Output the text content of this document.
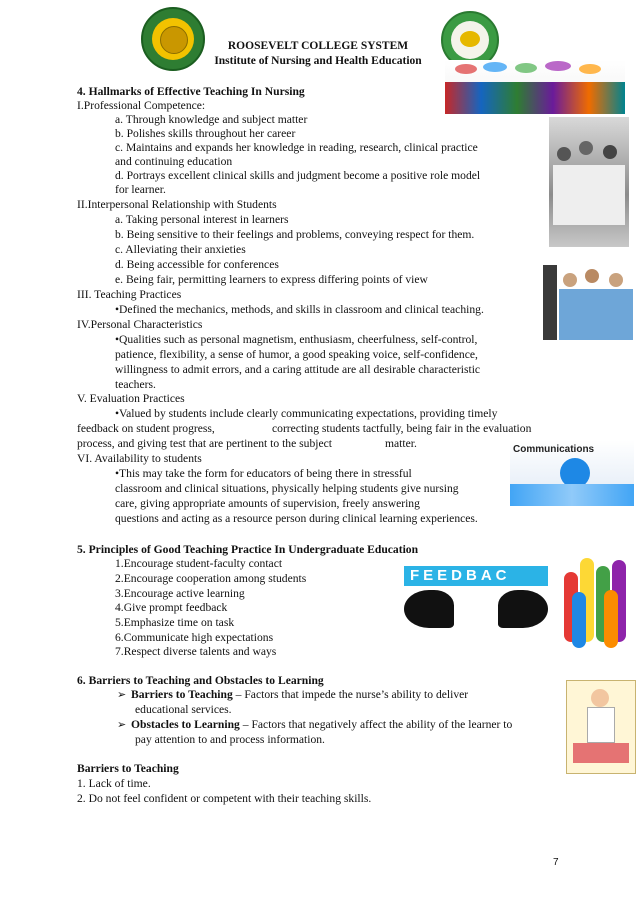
ROOSEVELT COLLEGE SYSTEM
Institute of Nursing and Health Education
4. Hallmarks of Effective Teaching In Nursing
I.Professional Competence:
a. Through knowledge and subject matter
b. Polishes skills throughout her career
c. Maintains and expands her knowledge in reading, research, clinical practice
and continuing education
d. Portrays excellent clinical skills and judgment become a positive role model
for learner.
II.Interpersonal Relationship with Students
a. Taking personal interest in learners
b. Being sensitive to their feelings and problems, conveying respect for them.
c. Alleviating their anxieties
d. Being accessible for conferences
e. Being fair, permitting learners to express differing points of view
III. Teaching Practices
•Defined the mechanics, methods, and skills in classroom and clinical teaching.
IV.Personal Characteristics
•Qualities such as personal magnetism, enthusiasm, cheerfulness, self-control,
patience, flexibility, a sense of humor, a good speaking voice, self-confidence,
willingness to admit errors, and a caring attitude are all desirable characteristic
teachers.
V. Evaluation Practices
•Valued by students include clearly communicating expectations, providing timely
feedback on student progress,	correcting students tactfully, being fair in the evaluation
process, and giving test that are pertinent to the subject	matter.
VI. Availability to students
•This may take the form for educators of being there in stressful
classroom and clinical situations, physically helping students give nursing
care, giving appropriate amounts of supervision, freely answering
questions and acting as a resource person during clinical learning experiences.
Communications
5. Principles of Good Teaching Practice In Undergraduate Education
1.Encourage student-faculty contact
2.Encourage cooperation among students
3.Encourage active learning
4.Give prompt feedback
5.Emphasize time on task
6.Communicate high expectations
7.Respect diverse talents and ways
FEEDBAC
6. Barriers to Teaching and Obstacles to Learning
➢ Barriers to Teaching – Factors that impede the nurse’s ability to deliver
educational services.
➢ Obstacles to Learning – Factors that negatively affect the ability of the learner to
pay attention to and process information.
Barriers to Teaching
1. Lack of time.
2. Do not feel confident or competent with their teaching skills.
7
